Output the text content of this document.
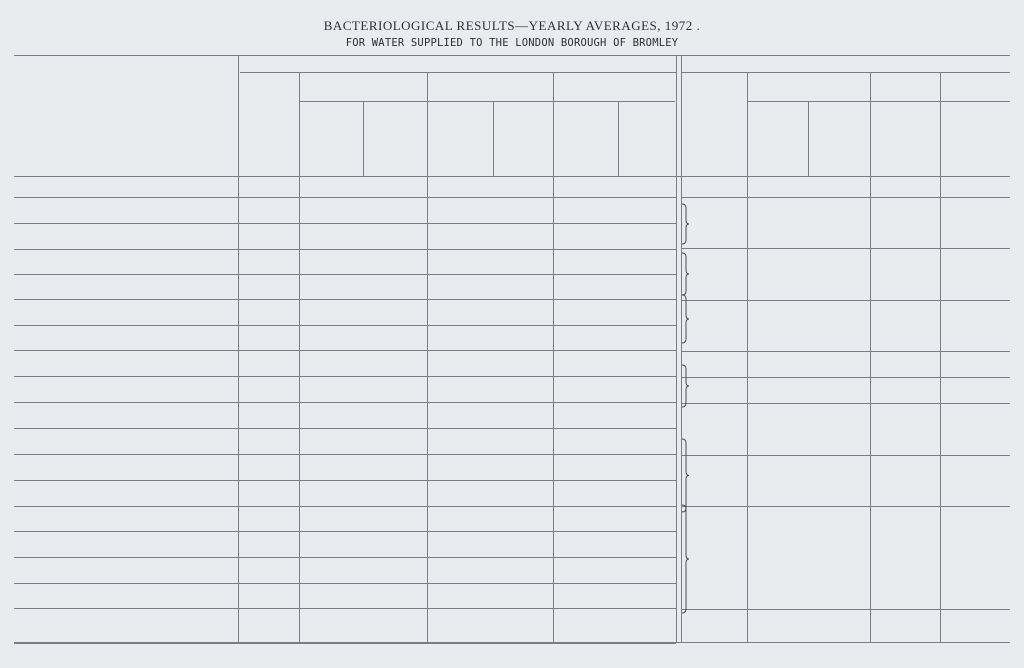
BACTERIOLOGICAL RESULTS—YEARLY AVERAGES, 1972 .
FOR WATER SUPPLIED TO THE LONDON BOROUGH OF BROMLEY
